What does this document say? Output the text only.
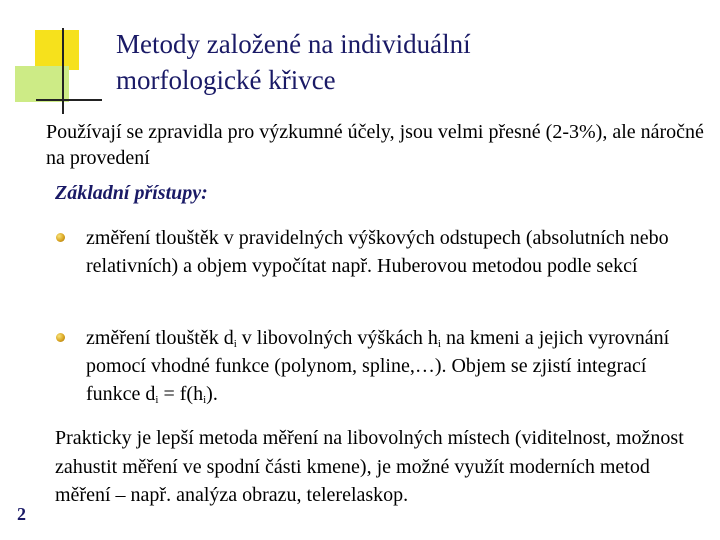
Metody založené na individuální
morfologické křivce

Používají se zpravidla pro výzkumné účely, jsou velmi přesné (2-3%), ale náročné na provedení

Základní přístupy:

změření tlouštěk v pravidelných výškových odstupech (absolutních nebo relativních) a objem vypočítat např. Huberovou metodou podle sekcí

změření tlouštěk $d_i$ v libovolných výškách $h_i$ na kmeni a jejich vyrovnání pomocí vhodné funkce (polynom, spline,…). Objem se zjistí integrací funkce $d_i = f(h_i)$.

Prakticky je lepší metoda měření na libovolných místech (viditelnost, možnost zahustit měření ve spodní části kmene), je možné využít moderních metod měření – např. analýza obrazu, telerelaskop.

2
